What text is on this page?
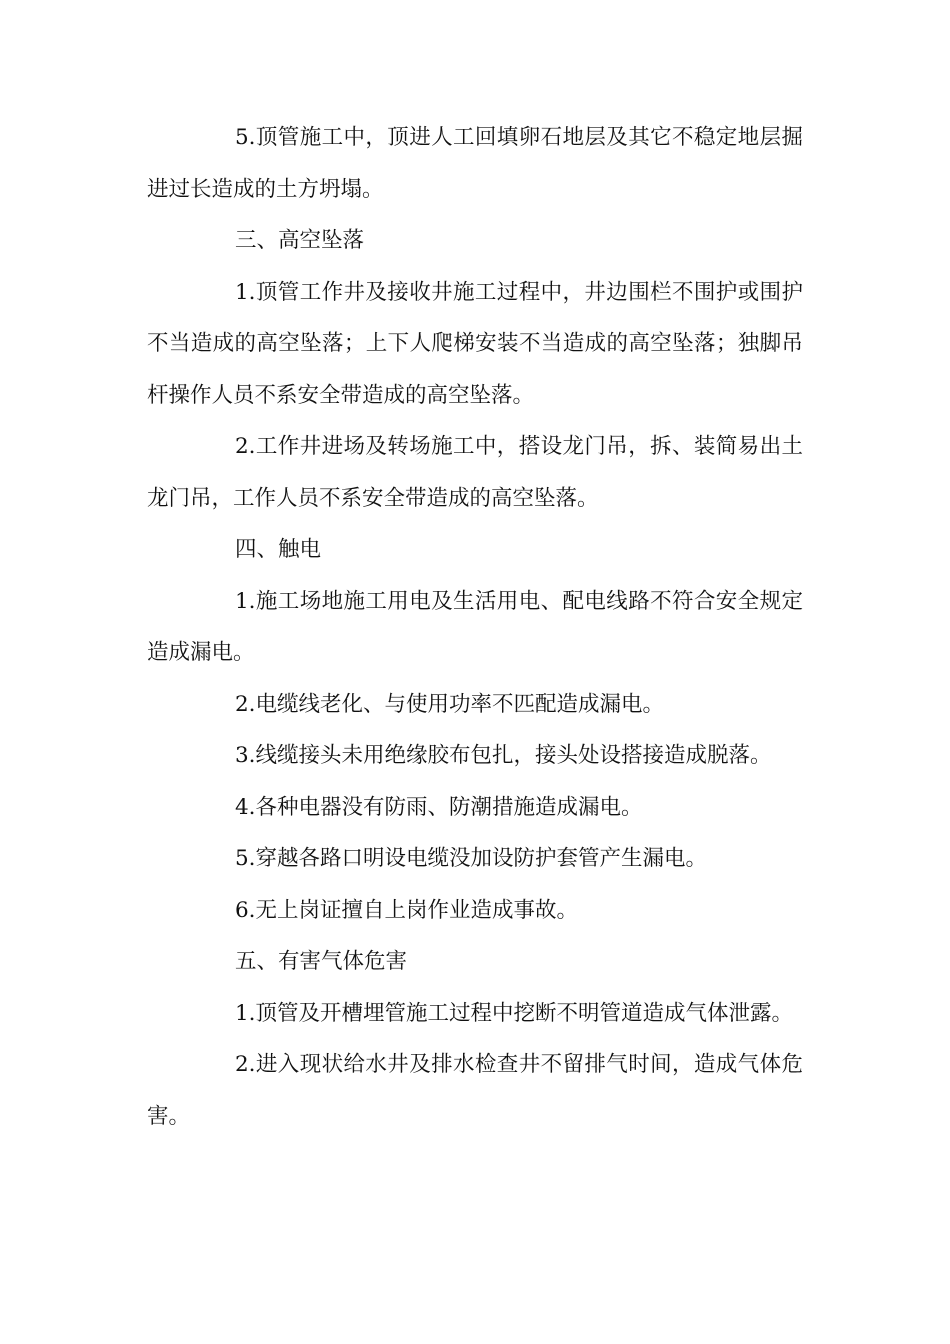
5.顶管施工中，顶进人工回填卵石地层及其它不稳定地层掘进过长造成的土方坍塌。

三、高空坠落

1.顶管工作井及接收井施工过程中，井边围栏不围护或围护不当造成的高空坠落；上下人爬梯安装不当造成的高空坠落；独脚吊杆操作人员不系安全带造成的高空坠落。

2.工作井进场及转场施工中，搭设龙门吊，拆、装简易出土龙门吊，工作人员不系安全带造成的高空坠落。

四、触电

1.施工场地施工用电及生活用电、配电线路不符合安全规定造成漏电。

2.电缆线老化、与使用功率不匹配造成漏电。

3.线缆接头未用绝缘胶布包扎，接头处设搭接造成脱落。

4.各种电器没有防雨、防潮措施造成漏电。

5.穿越各路口明设电缆没加设防护套管产生漏电。

6.无上岗证擅自上岗作业造成事故。

五、有害气体危害

1.顶管及开槽埋管施工过程中挖断不明管道造成气体泄露。

2.进入现状给水井及排水检查井不留排气时间，造成气体危害。
